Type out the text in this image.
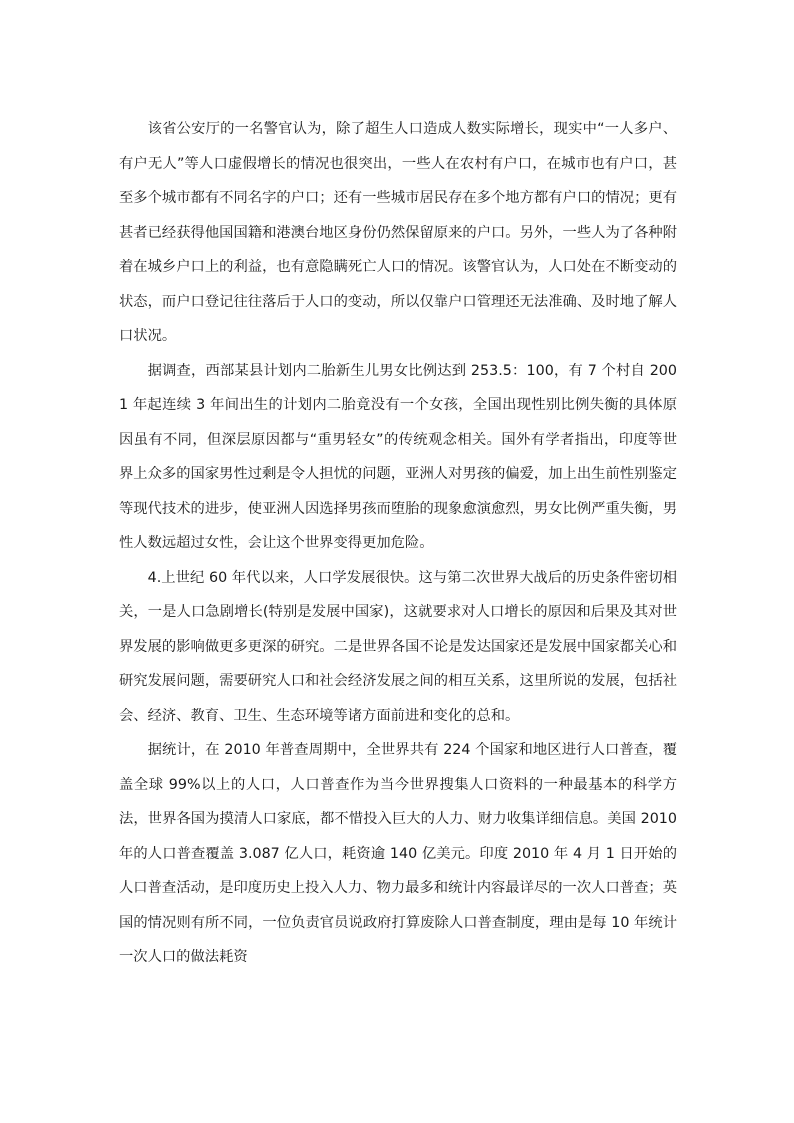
该省公安厅的一名警官认为，除了超生人口造成人数实际增长，现实中“一人多户、有户无人”等人口虚假增长的情况也很突出，一些人在农村有户口，在城市也有户口，甚至多个城市都有不同名字的户口；还有一些城市居民存在多个地方都有户口的情况；更有甚者已经获得他国国籍和港澳台地区身份仍然保留原来的户口。另外，一些人为了各种附着在城乡户口上的利益，也有意隐瞒死亡人口的情况。该警官认为，人口处在不断变动的状态，而户口登记往往落后于人口的变动，所以仅靠户口管理还无法准确、及时地了解人口状况。

据调查，西部某县计划内二胎新生儿男女比例达到 253.5：100，有 7 个村自 2001 年起连续 3 年间出生的计划内二胎竟没有一个女孩，全国出现性别比例失衡的具体原因虽有不同，但深层原因都与“重男轻女”的传统观念相关。国外有学者指出，印度等世界上众多的国家男性过剩是令人担忧的问题，亚洲人对男孩的偏爱，加上出生前性别鉴定等现代技术的进步，使亚洲人因选择男孩而堕胎的现象愈演愈烈，男女比例严重失衡，男性人数远超过女性，会让这个世界变得更加危险。

4.上世纪 60 年代以来，人口学发展很快。这与第二次世界大战后的历史条件密切相关，一是人口急剧增长(特别是发展中国家)，这就要求对人口增长的原因和后果及其对世界发展的影响做更多更深的研究。二是世界各国不论是发达国家还是发展中国家都关心和研究发展问题，需要研究人口和社会经济发展之间的相互关系，这里所说的发展，包括社会、经济、教育、卫生、生态环境等诸方面前进和变化的总和。

据统计，在 2010 年普查周期中，全世界共有 224 个国家和地区进行人口普查，覆盖全球 99%以上的人口，人口普查作为当今世界搜集人口资料的一种最基本的科学方法，世界各国为摸清人口家底，都不惜投入巨大的人力、财力收集详细信息。美国 2010 年的人口普查覆盖 3.087 亿人口，耗资逾 140 亿美元。印度 2010 年 4 月 1 日开始的人口普查活动，是印度历史上投入人力、物力最多和统计内容最详尽的一次人口普查；英国的情况则有所不同，一位负责官员说政府打算废除人口普查制度，理由是每 10 年统计一次人口的做法耗资
